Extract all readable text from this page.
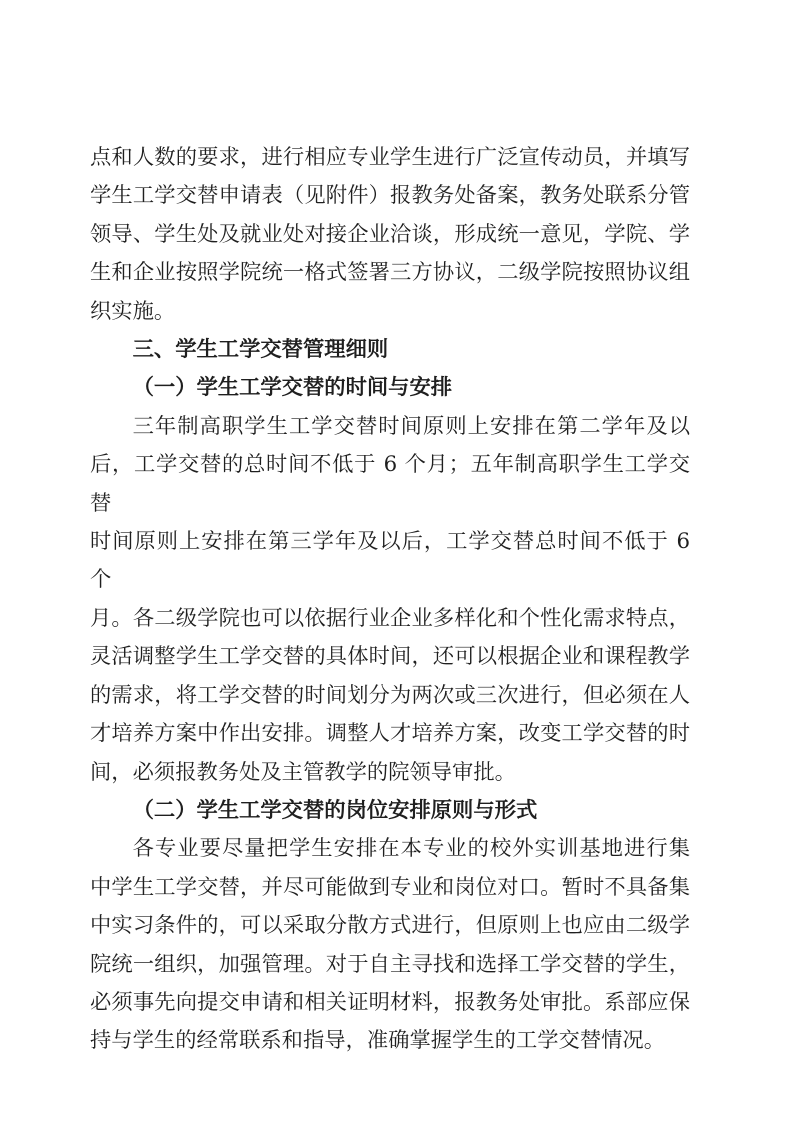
点和人数的要求，进行相应专业学生进行广泛宣传动员，并填写
学生工学交替申请表（见附件）报教务处备案，教务处联系分管
领导、学生处及就业处对接企业洽谈，形成统一意见，学院、学
生和企业按照学院统一格式签署三方协议，二级学院按照协议组
织实施。
三、学生工学交替管理细则
（一）学生工学交替的时间与安排
三年制高职学生工学交替时间原则上安排在第二学年及以
后，工学交替的总时间不低于 6 个月；五年制高职学生工学交替
时间原则上安排在第三学年及以后，工学交替总时间不低于 6 个
月。各二级学院也可以依据行业企业多样化和个性化需求特点，
灵活调整学生工学交替的具体时间，还可以根据企业和课程教学
的需求，将工学交替的时间划分为两次或三次进行，但必须在人
才培养方案中作出安排。调整人才培养方案，改变工学交替的时
间，必须报教务处及主管教学的院领导审批。
（二）学生工学交替的岗位安排原则与形式
各专业要尽量把学生安排在本专业的校外实训基地进行集
中学生工学交替，并尽可能做到专业和岗位对口。暂时不具备集
中实习条件的，可以采取分散方式进行，但原则上也应由二级学
院统一组织，加强管理。对于自主寻找和选择工学交替的学生，
必须事先向提交申请和相关证明材料，报教务处审批。系部应保
持与学生的经常联系和指导，准确掌握学生的工学交替情况。
